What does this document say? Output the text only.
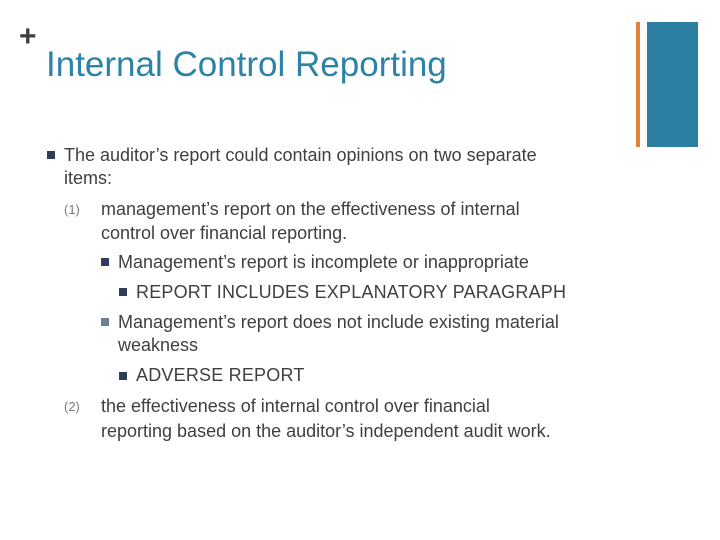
+
Internal Control Reporting
The auditor’s report could contain opinions on two separate
items:
(1) management’s report on the effectiveness of internal
control over financial reporting.
Management’s report is incomplete or inappropriate
REPORT INCLUDES EXPLANATORY PARAGRAPH
Management’s report does not include existing material
weakness
ADVERSE REPORT
(2) the effectiveness of internal control over financial
reporting based on the auditor’s independent audit work.
